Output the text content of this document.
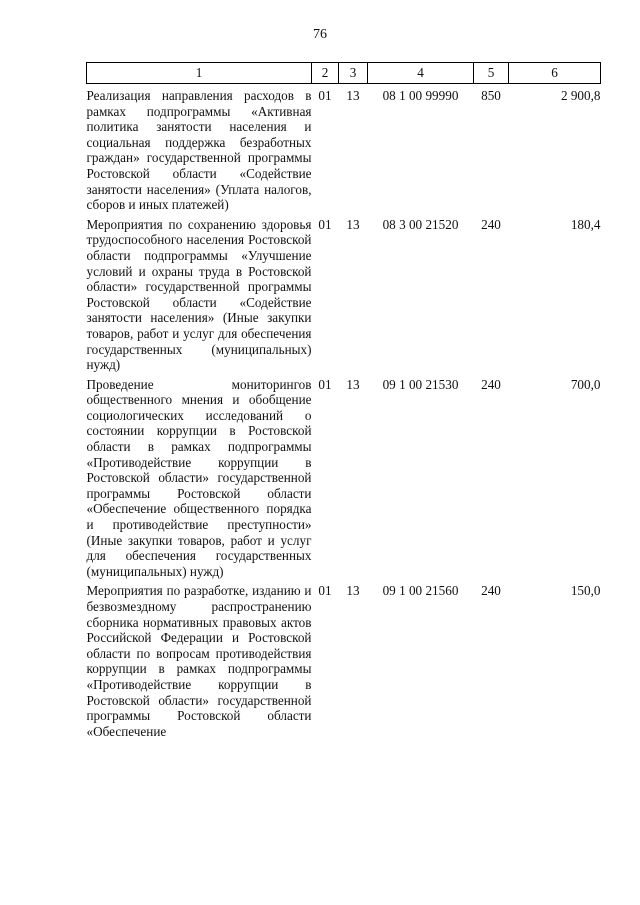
76
1	2	3	4	5	6
Реализация направления расходов в рамках подпрограммы «Активная политика занятости населения и социальная поддержка безработных граждан» государственной программы Ростовской области «Содействие занятости населения» (Уплата налогов, сборов и иных платежей)	01	13	08 1 00 99990	850	2 900,8
Мероприятия по сохранению здоровья трудоспособного населения Ростовской области подпрограммы «Улучшение условий и охраны труда в Ростовской области» государственной программы Ростовской области «Содействие занятости населения» (Иные закупки товаров, работ и услуг для обеспечения государственных (муниципальных) нужд)	01	13	08 3 00 21520	240	180,4
Проведение мониторингов общественного мнения и обобщение социологических исследований о состоянии коррупции в Ростовской области в рамках подпрограммы «Противодействие коррупции в Ростовской области» государственной программы Ростовской области «Обеспечение общественного порядка и противодействие преступности» (Иные закупки товаров, работ и услуг для обеспечения государственных (муниципальных) нужд)	01	13	09 1 00 21530	240	700,0
Мероприятия по разработке, изданию и безвозмездному распространению сборника нормативных правовых актов Российской Федерации и Ростовской области по вопросам противодействия коррупции в рамках подпрограммы «Противодействие коррупции в Ростовской области» государственной программы Ростовской области «Обеспечение	01	13	09 1 00 21560	240	150,0
